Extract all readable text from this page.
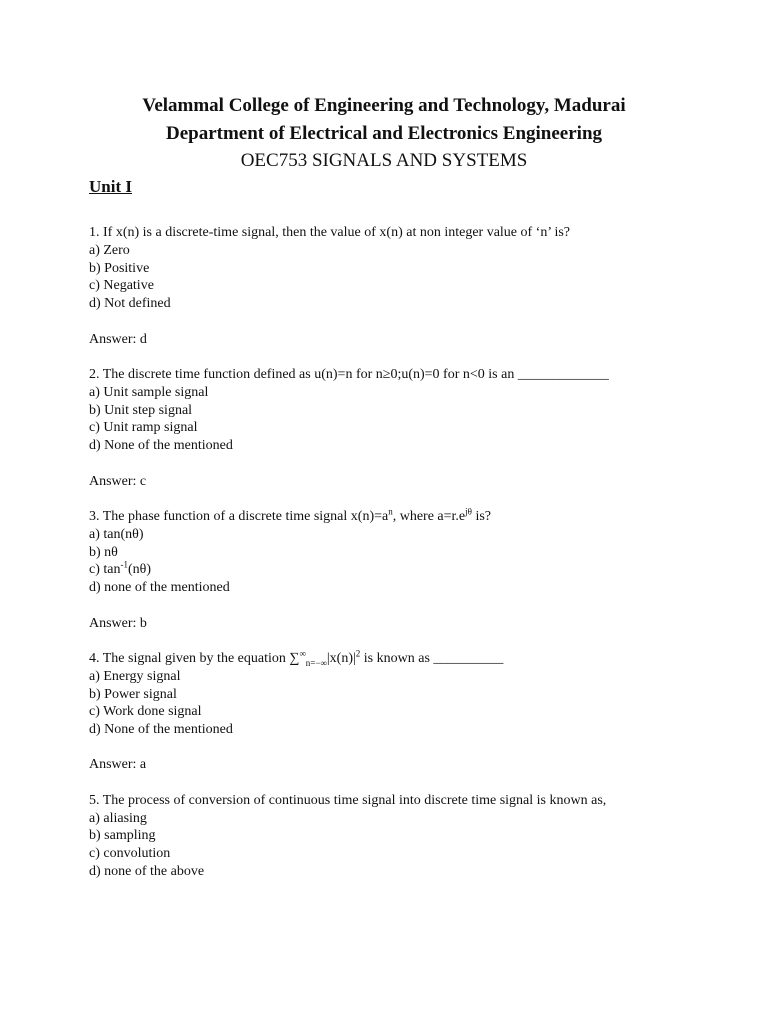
Velammal College of Engineering and Technology, Madurai
Department of Electrical and Electronics Engineering
OEC753 SIGNALS AND SYSTEMS
Unit I
1. If x(n) is a discrete-time signal, then the value of x(n) at non integer value of ‘n’ is?
a) Zero
b) Positive
c) Negative
d) Not defined
Answer: d
2. The discrete time function defined as u(n)=n for n≥0;u(n)=0 for n<0 is an _____________
a) Unit sample signal
b) Unit step signal
c) Unit ramp signal
d) None of the mentioned
Answer: c
3. The phase function of a discrete time signal $x(n)=a^n$, where $a=r.e^{j\theta}$ is?
a) tan(nθ)
b) nθ
c) $\tan^{-1}(n\theta)$
d) none of the mentioned
Answer: b
4. The signal given by the equation $\sum^\infty_{n=-\infty}|x(n)|^2$ is known as __________
a) Energy signal
b) Power signal
c) Work done signal
d) None of the mentioned
Answer: a
5. The process of conversion of continuous time signal into discrete time signal is known as,
a) aliasing
b) sampling
c) convolution
d) none of the above
